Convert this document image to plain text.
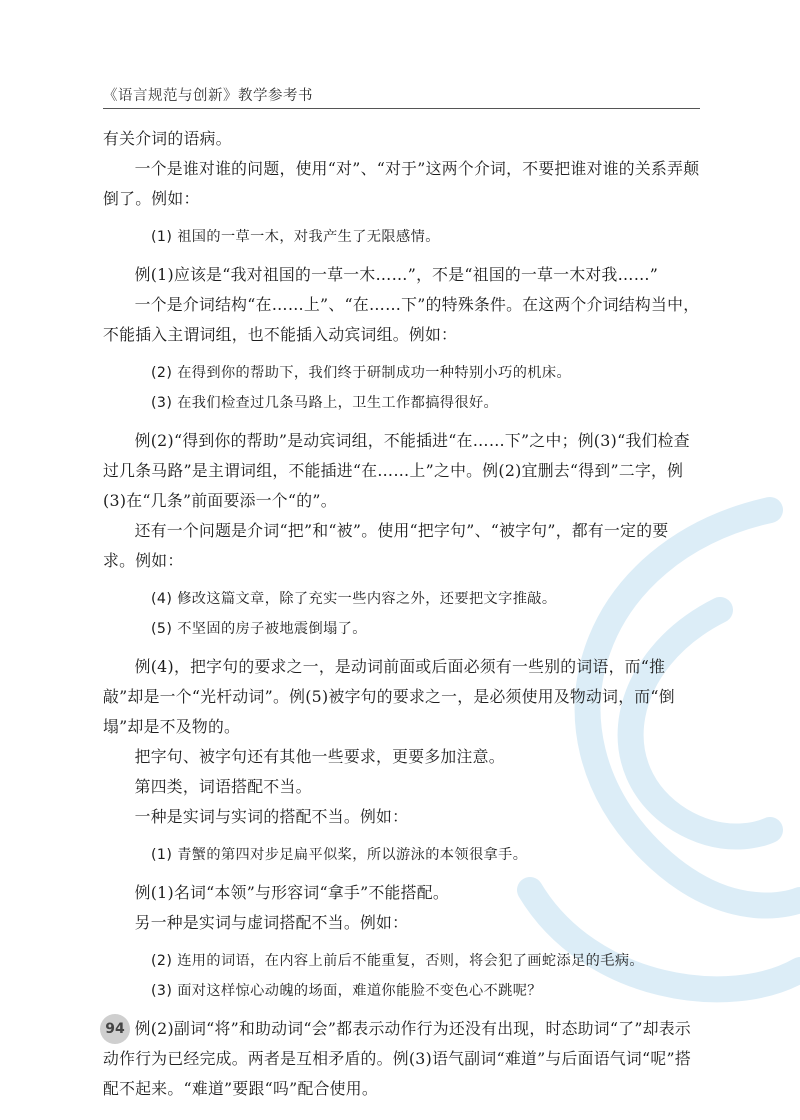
《语言规范与创新》教学参考书

有关介词的语病。

一个是谁对谁的问题，使用“对”、“对于”这两个介词，不要把谁对谁的关系弄颠倒了。例如：

(1) 祖国的一草一木，对我产生了无限感情。

例(1)应该是“我对祖国的一草一木……”，不是“祖国的一草一木对我……”

一个是介词结构“在……上”、“在……下”的特殊条件。在这两个介词结构当中，不能插入主谓词组，也不能插入动宾词组。例如：

(2) 在得到你的帮助下，我们终于研制成功一种特别小巧的机床。

(3) 在我们检查过几条马路上，卫生工作都搞得很好。

例(2)“得到你的帮助”是动宾词组，不能插进“在……下”之中；例(3)“我们检查过几条马路”是主谓词组，不能插进“在……上”之中。例(2)宜删去“得到”二字，例(3)在“几条”前面要添一个“的”。

还有一个问题是介词“把”和“被”。使用“把字句”、“被字句”，都有一定的要求。例如：

(4) 修改这篇文章，除了充实一些内容之外，还要把文字推敲。

(5) 不坚固的房子被地震倒塌了。

例(4)，把字句的要求之一，是动词前面或后面必须有一些别的词语，而“推敲”却是一个“光杆动词”。例(5)被字句的要求之一，是必须使用及物动词，而“倒塌”却是不及物的。

把字句、被字句还有其他一些要求，更要多加注意。

第四类，词语搭配不当。

一种是实词与实词的搭配不当。例如：

(1) 青蟹的第四对步足扁平似桨，所以游泳的本领很拿手。

例(1)名词“本领”与形容词“拿手”不能搭配。

另一种是实词与虚词搭配不当。例如：

(2) 连用的词语，在内容上前后不能重复，否则，将会犯了画蛇添足的毛病。

(3) 面对这样惊心动魄的场面，难道你能脸不变色心不跳呢？

例(2)副词“将”和助动词“会”都表示动作行为还没有出现，时态助词“了”却表示动作行为已经完成。两者是互相矛盾的。例(3)语气副词“难道”与后面语气词“呢”搭配不起来。“难道”要跟“吗”配合使用。

94
